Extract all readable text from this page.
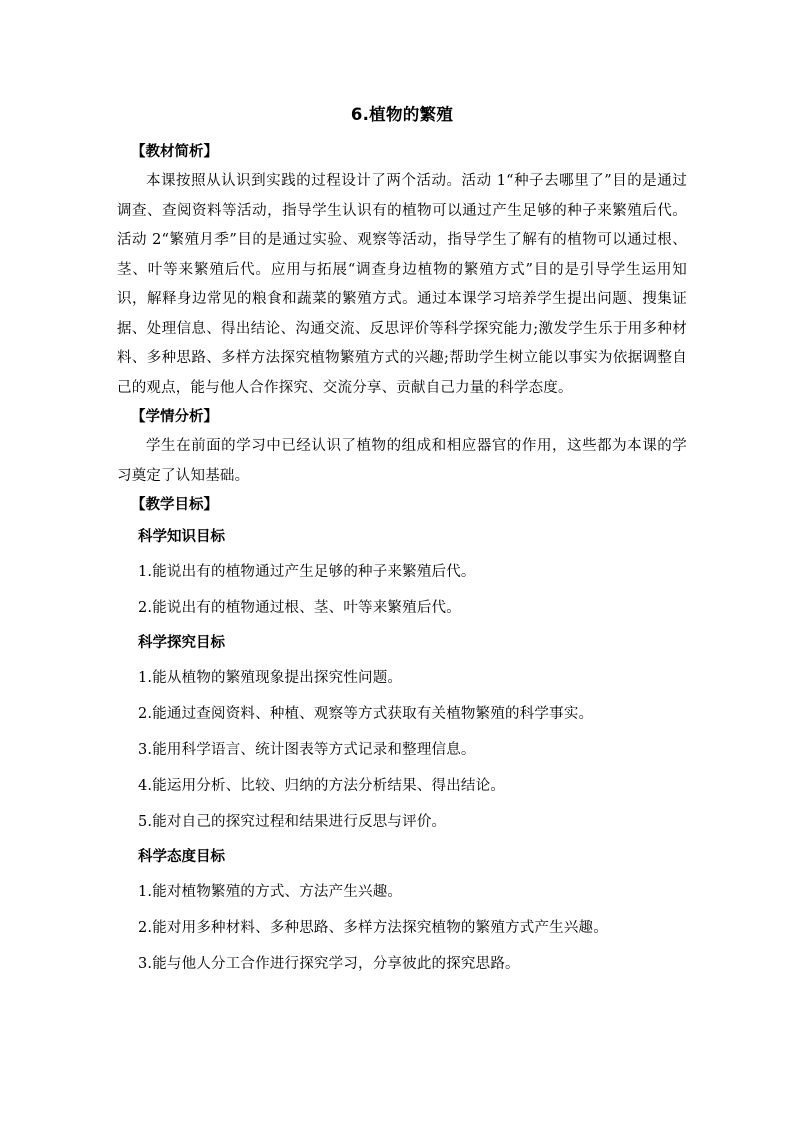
6.植物的繁殖

【教材简析】

本课按照从认识到实践的过程设计了两个活动。活动 1“种子去哪里了”目的是通过调查、查阅资料等活动，指导学生认识有的植物可以通过产生足够的种子来繁殖后代。活动 2“繁殖月季”目的是通过实验、观察等活动，指导学生了解有的植物可以通过根、茎、叶等来繁殖后代。应用与拓展“调查身边植物的繁殖方式”目的是引导学生运用知识，解释身边常见的粮食和蔬菜的繁殖方式。通过本课学习培养学生提出问题、搜集证据、处理信息、得出结论、沟通交流、反思评价等科学探究能力;激发学生乐于用多种材料、多种思路、多样方法探究植物繁殖方式的兴趣;帮助学生树立能以事实为依据调整自己的观点，能与他人合作探究、交流分享、贡献自己力量的科学态度。

【学情分析】

学生在前面的学习中已经认识了植物的组成和相应器官的作用，这些都为本课的学习奠定了认知基础。

【教学目标】

科学知识目标

1.能说出有的植物通过产生足够的种子来繁殖后代。

2.能说出有的植物通过根、茎、叶等来繁殖后代。

科学探究目标

1.能从植物的繁殖现象提出探究性问题。

2.能通过查阅资料、种植、观察等方式获取有关植物繁殖的科学事实。

3.能用科学语言、统计图表等方式记录和整理信息。

4.能运用分析、比较、归纳的方法分析结果、得出结论。

5.能对自己的探究过程和结果进行反思与评价。

科学态度目标

1.能对植物繁殖的方式、方法产生兴趣。

2.能对用多种材料、多种思路、多样方法探究植物的繁殖方式产生兴趣。

3.能与他人分工合作进行探究学习，分享彼此的探究思路。
